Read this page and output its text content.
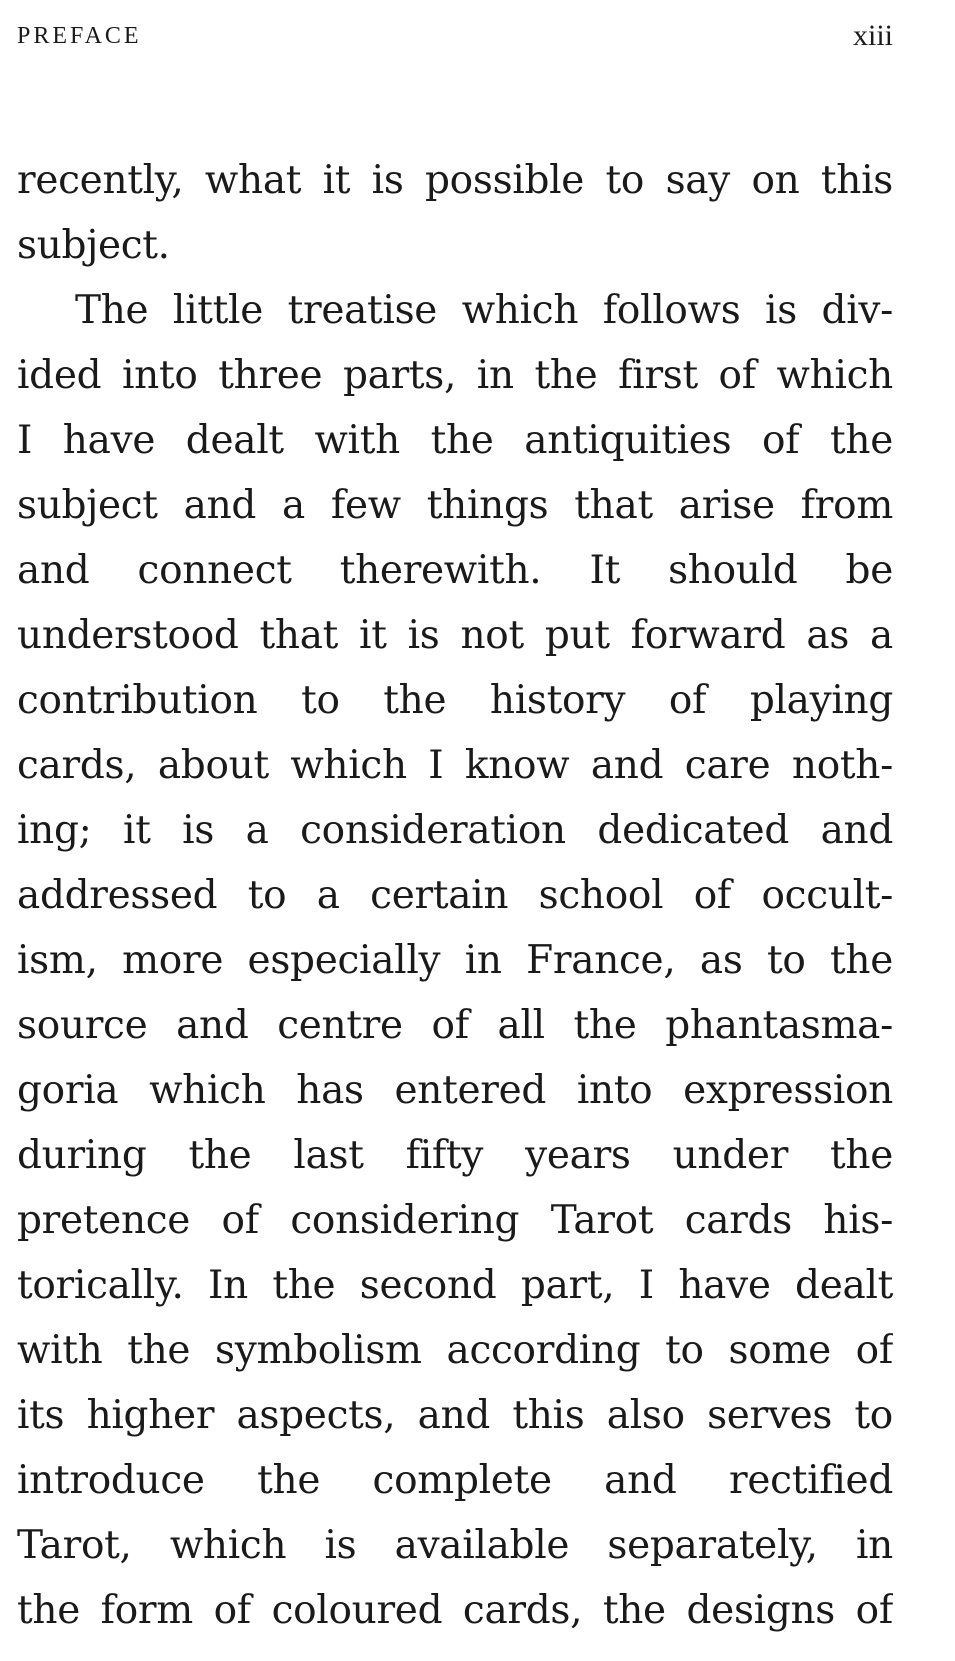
PREFACE	xiii
recently, what it is possible to say on this
subject.
The little treatise which follows is div-
ided into three parts, in the first of which
I have dealt with the antiquities of the
subject and a few things that arise from
and connect therewith. It should be
understood that it is not put forward as a
contribution to the history of playing
cards, about which I know and care noth-
ing; it is a consideration dedicated and
addressed to a certain school of occult-
ism, more especially in France, as to the
source and centre of all the phantasma-
goria which has entered into expression
during the last fifty years under the
pretence of considering Tarot cards his-
torically. In the second part, I have dealt
with the symbolism according to some of
its higher aspects, and this also serves to
introduce the complete and rectified
Tarot, which is available separately, in
the form of coloured cards, the designs of
